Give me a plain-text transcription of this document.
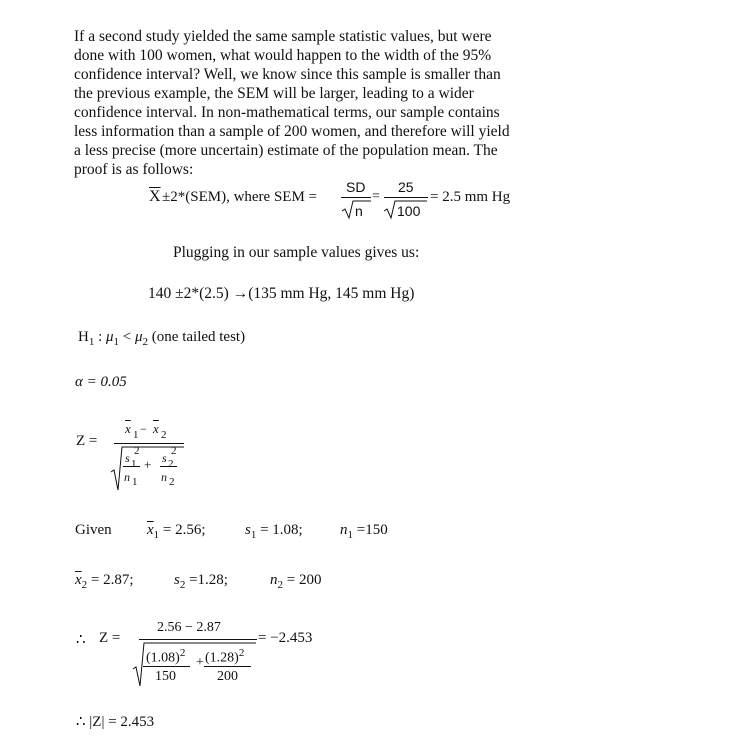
If a second study yielded the same sample statistic values, but were
done with 100 women, what would happen to the width of the 95%
confidence interval? Well, we know since this sample is smaller than
the previous example, the SEM will be larger, leading to a wider
confidence interval. In non-mathematical terms, our sample contains
less information than a sample of 200 women, and therefore will yield
a less precise (more uncertain) estimate of the population mean. The
proof is as follows:
$\overline{X} \pm 2*(SEM)$, where SEM =
SD
n
=
25
100
= 2.5 mm Hg
Plugging in our sample values gives us:
140 ±2*(2.5) →(135 mm Hg, 145 mm Hg)
$H_1$ : $\mu_1 < \mu_2$ (one tailed test)
α = 0.05
Z =
$\overline{x}$ $1 - \overline{x}$ 2
s 2
1 s 2
2
+
n 1 n 2
Given $\overline{x}_1 = 2.56$;	$s_1 = 1.08$; $n_1 =150$
$\overline{x}_2 = 2.87$;	$s_2 =1.28$;	$n_2 = 200$
∴ Z =
2.56 − 2.87
$(1.08)^2$
+ $(1.28)^2$
150	200
= −2.453
∴ |Z| = 2.453
